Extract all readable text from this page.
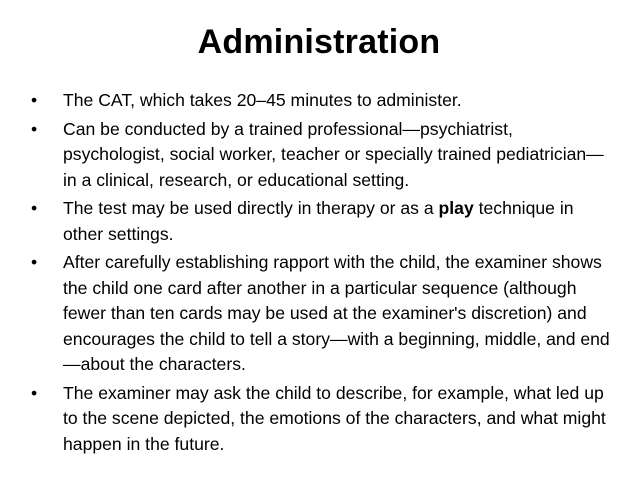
Administration
•	The CAT, which takes 20–45 minutes to administer.
•	Can be conducted by a trained professional—psychiatrist, psychologist, social worker, teacher or specially trained pediatrician—in a clinical, research, or educational setting.
•	The test may be used directly in therapy or as a play technique in other settings.
•	After carefully establishing rapport with the child, the examiner shows the child one card after another in a particular sequence (although fewer than ten cards may be used at the examiner's discretion) and encourages the child to tell a story—with a beginning, middle, and end—about the characters.
•	The examiner may ask the child to describe, for example, what led up to the scene depicted, the emotions of the characters, and what might happen in the future.
